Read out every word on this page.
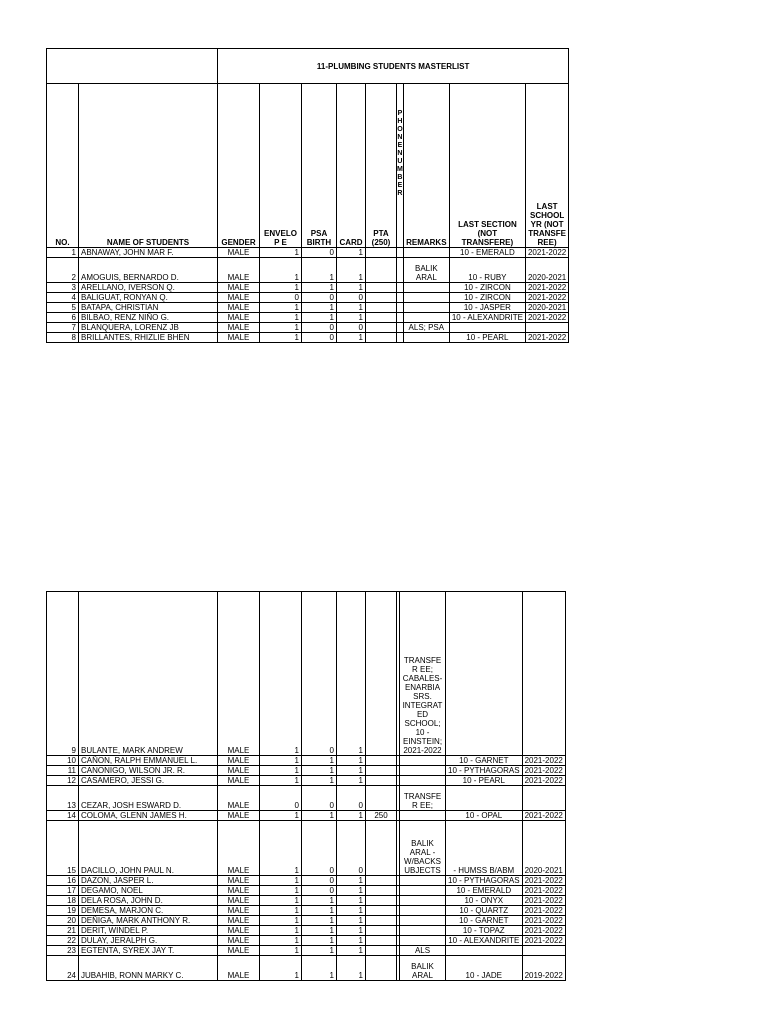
		11-PLUMBING STUDENTS MASTERLIST								
NO.	NAME OF STUDENTS	GENDER	ENVELOP E	PSA BIRTH	CARD	PTA (250)	P H O N E N U M B E R	REMARKS	LAST SECTION (NOT TRANSFERE)	LAST SCHOOL YR (NOT TRANSFE REE)
1	ABNAWAY, JOHN MAR F.	MALE	1	0	1				10 - EMERALD	2021-2022
2	AMOGUIS, BERNARDO D.	MALE	1	1	1			BALIK ARAL	10 - RUBY	2020-2021
3	ARELLANO, IVERSON Q.	MALE	1	1	1				10 - ZIRCON	2021-2022
4	BALIGUAT, RONYAN Q.	MALE	0	0	0				10 - ZIRCON	2021-2022
5	BATAPA, CHRISTIAN	MALE	1	1	1				10 - JASPER	2020-2021
6	BILBAO, RENZ NIÑO G.	MALE	1	1	1				10 - ALEXANDRITE	2021-2022
7	BLANQUERA, LORENZ JB	MALE	1	0	0			ALS; PSA		
8	BRILLANTES, RHIZLIE BHEN	MALE	1	0	1				10 - PEARL	2021-2022
9	BULANTE, MARK ANDREW	MALE	1	0	1			TRANSFER EE; CABALES-ENARBIA SRS. INTEGRAT ED SCHOOL; 10 - EINSTEIN; 2021-2022		
10	CAÑON, RALPH EMMANUEL L.	MALE	1	1	1				10 - GARNET	2021-2022
11	CANONIGO, WILSON JR. R.	MALE	1	1	1				10 - PYTHAGORAS	2021-2022
12	CASAMERO, JESSI G.	MALE	1	1	1				10 - PEARL	2021-2022
13	CEZAR, JOSH ESWARD D.	MALE	0	0	0			TRANSFER EE;		
14	COLOMA, GLENN JAMES H.	MALE	1	1	1	250			10 - OPAL	2021-2022
15	DACILLO, JOHN PAUL N.	MALE	1	0	0			BALIK ARAL - W/BACKS UBJECTS	- HUMSS B/ABM	2020-2021
16	DAZON, JASPER L.	MALE	1	0	1				10 - PYTHAGORAS	2021-2022
17	DEGAMO, NOEL	MALE	1	0	1				10 - EMERALD	2021-2022
18	DELA ROSA, JOHN D.	MALE	1	1	1				10 - ONYX	2021-2022
19	DEMESA, MARJON C.	MALE	1	1	1				10 - QUARTZ	2021-2022
20	DEÑIGA, MARK ANTHONY R.	MALE	1	1	1				10 - GARNET	2021-2022
21	DERIT, WINDEL P.	MALE	1	1	1				10 - TOPAZ	2021-2022
22	DULAY, JERALPH G.	MALE	1	1	1				10 - ALEXANDRITE	2021-2022
23	EGTENTA, SYREX JAY T.	MALE	1	1	1			ALS		
24	JUBAHIB, RONN MARKY C.	MALE	1	1	1			BALIK ARAL	10 - JADE	2019-2022
